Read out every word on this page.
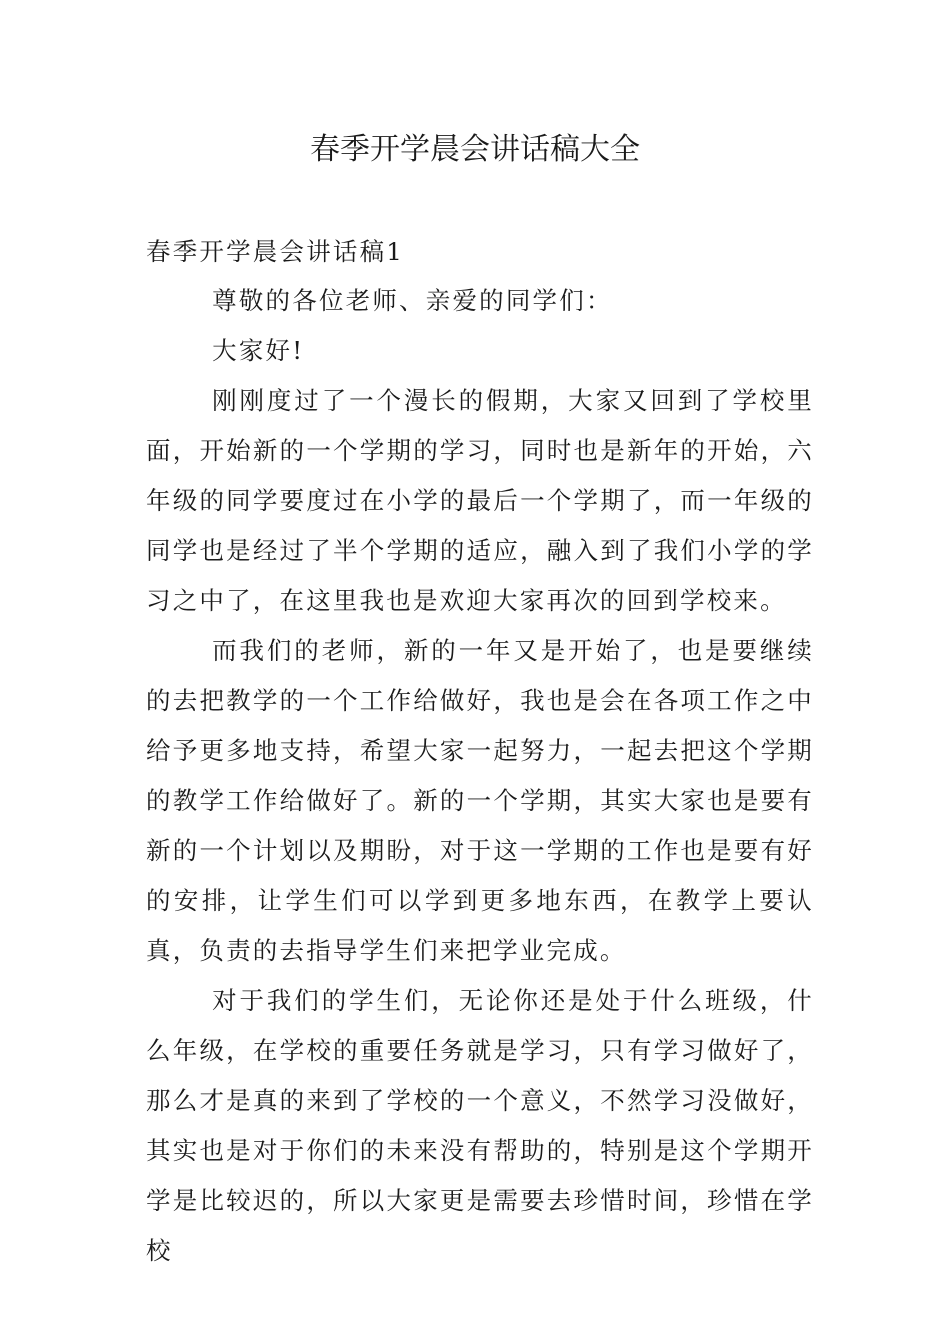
春季开学晨会讲话稿大全
春季开学晨会讲话稿1

尊敬的各位老师、亲爱的同学们：

大家好!

刚刚度过了一个漫长的假期，大家又回到了学校里面，开始新的一个学期的学习，同时也是新年的开始，六年级的同学要度过在小学的最后一个学期了，而一年级的同学也是经过了半个学期的适应，融入到了我们小学的学习之中了，在这里我也是欢迎大家再次的回到学校来。

而我们的老师，新的一年又是开始了，也是要继续的去把教学的一个工作给做好，我也是会在各项工作之中给予更多地支持，希望大家一起努力，一起去把这个学期的教学工作给做好了。新的一个学期，其实大家也是要有新的一个计划以及期盼，对于这一学期的工作也是要有好的安排，让学生们可以学到更多地东西，在教学上要认真，负责的去指导学生们来把学业完成。

对于我们的学生们，无论你还是处于什么班级，什么年级，在学校的重要任务就是学习，只有学习做好了，那么才是真的来到了学校的一个意义，不然学习没做好，其实也是对于你们的未来没有帮助的，特别是这个学期开学是比较迟的，所以大家更是需要去珍惜时间，珍惜在学校
